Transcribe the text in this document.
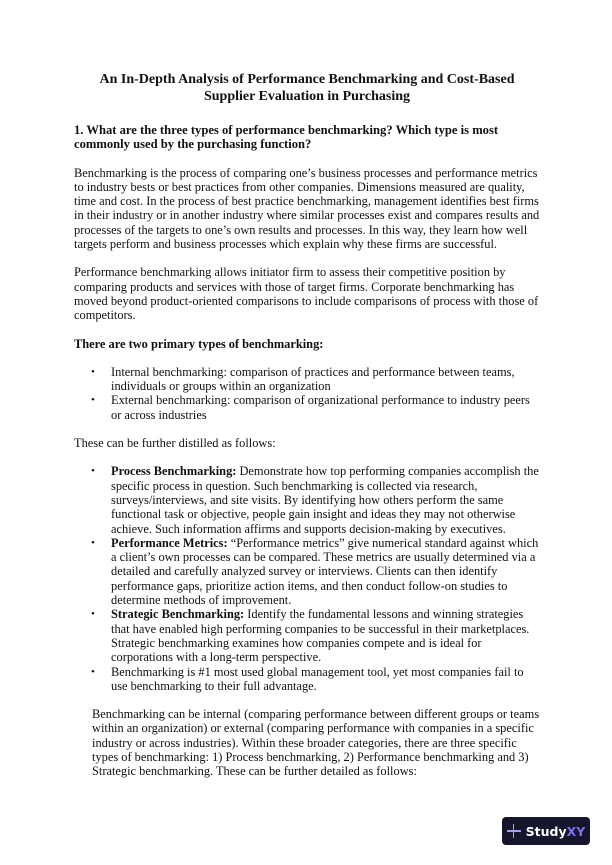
An In-Depth Analysis of Performance Benchmarking and Cost-Based Supplier Evaluation in Purchasing
1. What are the three types of performance benchmarking? Which type is most commonly used by the purchasing function?

Benchmarking is the process of comparing one’s business processes and performance metrics to industry bests or best practices from other companies. Dimensions measured are quality, time and cost. In the process of best practice benchmarking, management identifies best firms in their industry or in another industry where similar processes exist and compares results and processes of the targets to one’s own results and processes. In this way, they learn how well targets perform and business processes which explain why these firms are successful.

Performance benchmarking allows initiator firm to assess their competitive position by comparing products and services with those of target firms. Corporate benchmarking has moved beyond product-oriented comparisons to include comparisons of process with those of competitors.

There are two primary types of benchmarking:
• Internal benchmarking: comparison of practices and performance between teams, individuals or groups within an organization
• External benchmarking: comparison of organizational performance to industry peers or across industries

These can be further distilled as follows:

• Process Benchmarking: Demonstrate how top performing companies accomplish the specific process in question. Such benchmarking is collected via research, surveys/interviews, and site visits. By identifying how others perform the same functional task or objective, people gain insight and ideas they may not otherwise achieve. Such information affirms and supports decision-making by executives.
• Performance Metrics: “Performance metrics” give numerical standard against which a client’s own processes can be compared. These metrics are usually determined via a detailed and carefully analyzed survey or interviews. Clients can then identify performance gaps, prioritize action items, and then conduct follow-on studies to determine methods of improvement.
• Strategic Benchmarking: Identify the fundamental lessons and winning strategies that have enabled high performing companies to be successful in their marketplaces. Strategic benchmarking examines how companies compete and is ideal for corporations with a long-term perspective.
• Benchmarking is #1 most used global management tool, yet most companies fail to use benchmarking to their full advantage.

Benchmarking can be internal (comparing performance between different groups or teams within an organization) or external (comparing performance with companies in a specific industry or across industries). Within these broader categories, there are three specific types of benchmarking: 1) Process benchmarking, 2) Performance benchmarking and 3) Strategic benchmarking. These can be further detailed as follows:

StudyXY
